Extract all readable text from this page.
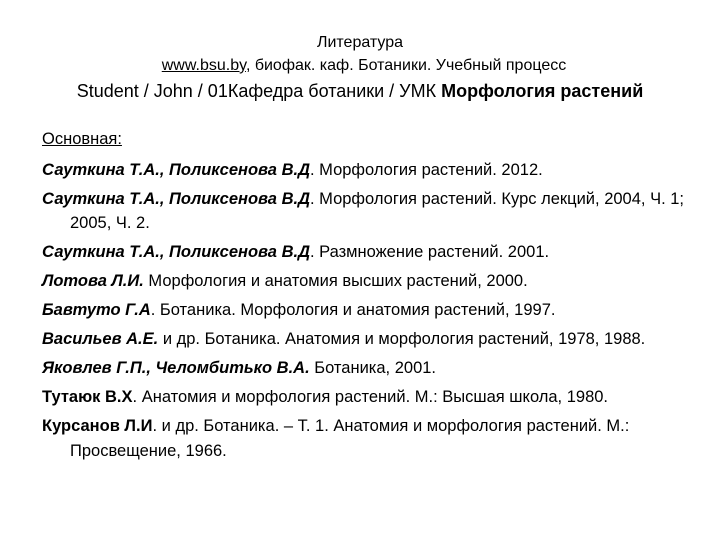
Литература
www.bsu.by, биофак. каф. Ботаники. Учебный процесс
Student / John / 01Кафедра ботаники / УМК Морфология растений
Основная:
Сауткина Т.А., Поликсенова В.Д. Морфология растений. 2012.
Сауткина Т.А., Поликсенова В.Д. Морфология растений. Курс лекций, 2004, Ч. 1; 2005, Ч. 2.
Сауткина Т.А., Поликсенова В.Д. Размножение растений. 2001.
Лотова Л.И. Морфология и анатомия высших растений, 2000.
Бавтуто Г.А. Ботаника. Морфология и анатомия растений, 1997.
Васильев А.Е. и др. Ботаника. Анатомия и морфология растений, 1978, 1988.
Яковлев Г.П., Челомбитько В.А. Ботаника, 2001.
Тутаюк В.Х. Анатомия и морфология растений. М.: Высшая школа, 1980.
Курсанов Л.И. и др. Ботаника. – Т. 1. Анатомия и морфология растений. М.: Просвещение, 1966.
